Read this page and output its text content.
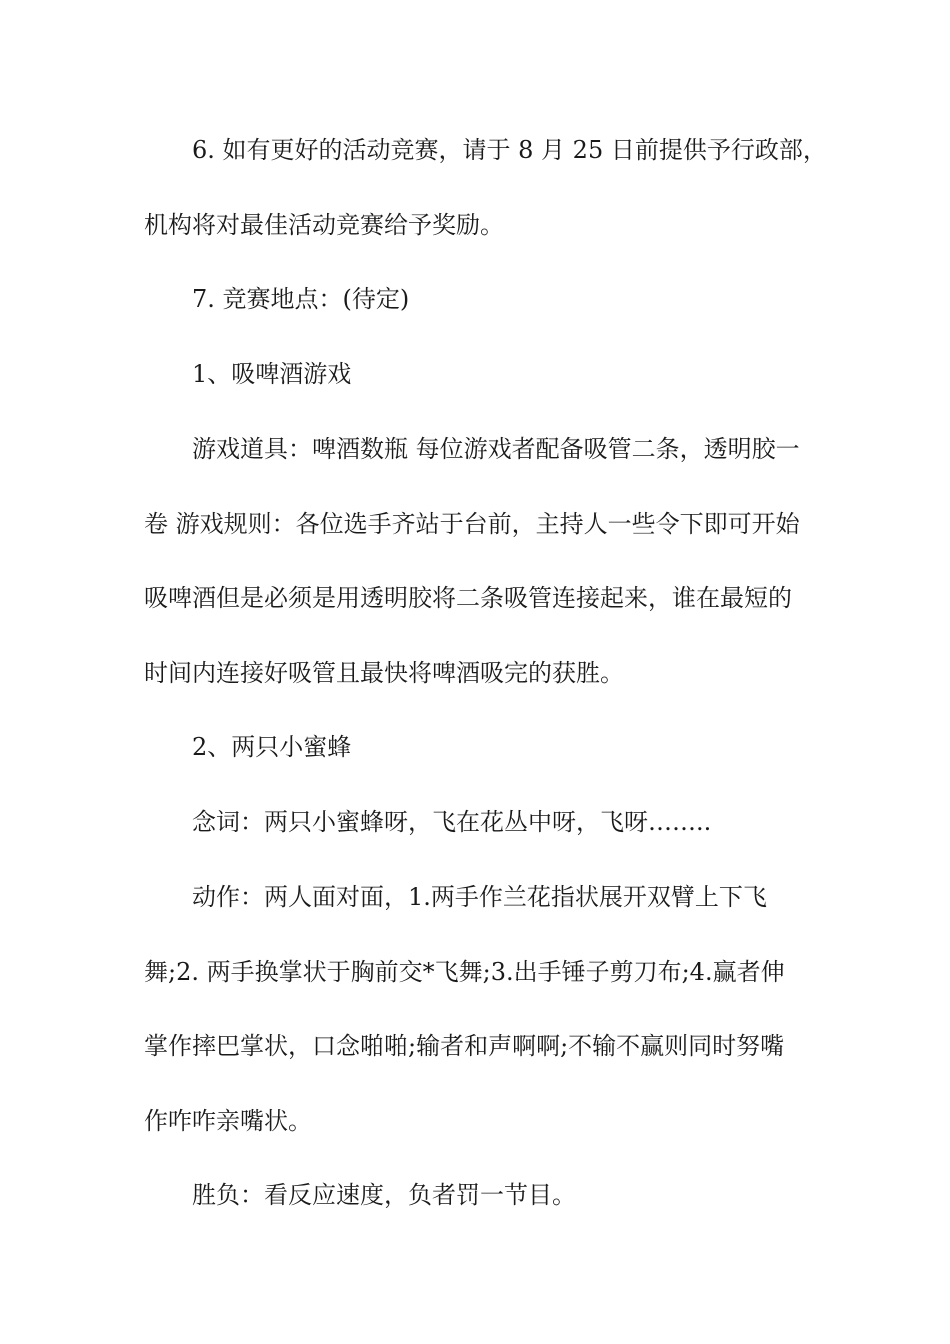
6. 如有更好的活动竞赛，请于 8 月 25 日前提供予行政部，
机构将对最佳活动竞赛给予奖励。
7. 竞赛地点：(待定)
1、吸啤酒游戏
游戏道具：啤酒数瓶 每位游戏者配备吸管二条，透明胶一
卷 游戏规则：各位选手齐站于台前，主持人一些令下即可开始
吸啤酒但是必须是用透明胶将二条吸管连接起来，谁在最短的
时间内连接好吸管且最快将啤酒吸完的获胜。
2、两只小蜜蜂
念词：两只小蜜蜂呀，飞在花丛中呀，飞呀……..
动作：两人面对面，1.两手作兰花指状展开双臂上下飞
舞;2. 两手换掌状于胸前交*飞舞;3.出手锤子剪刀布;4.赢者伸
掌作摔巴掌状，口念啪啪;输者和声啊啊;不输不赢则同时努嘴
作咋咋亲嘴状。
胜负：看反应速度，负者罚一节目。
